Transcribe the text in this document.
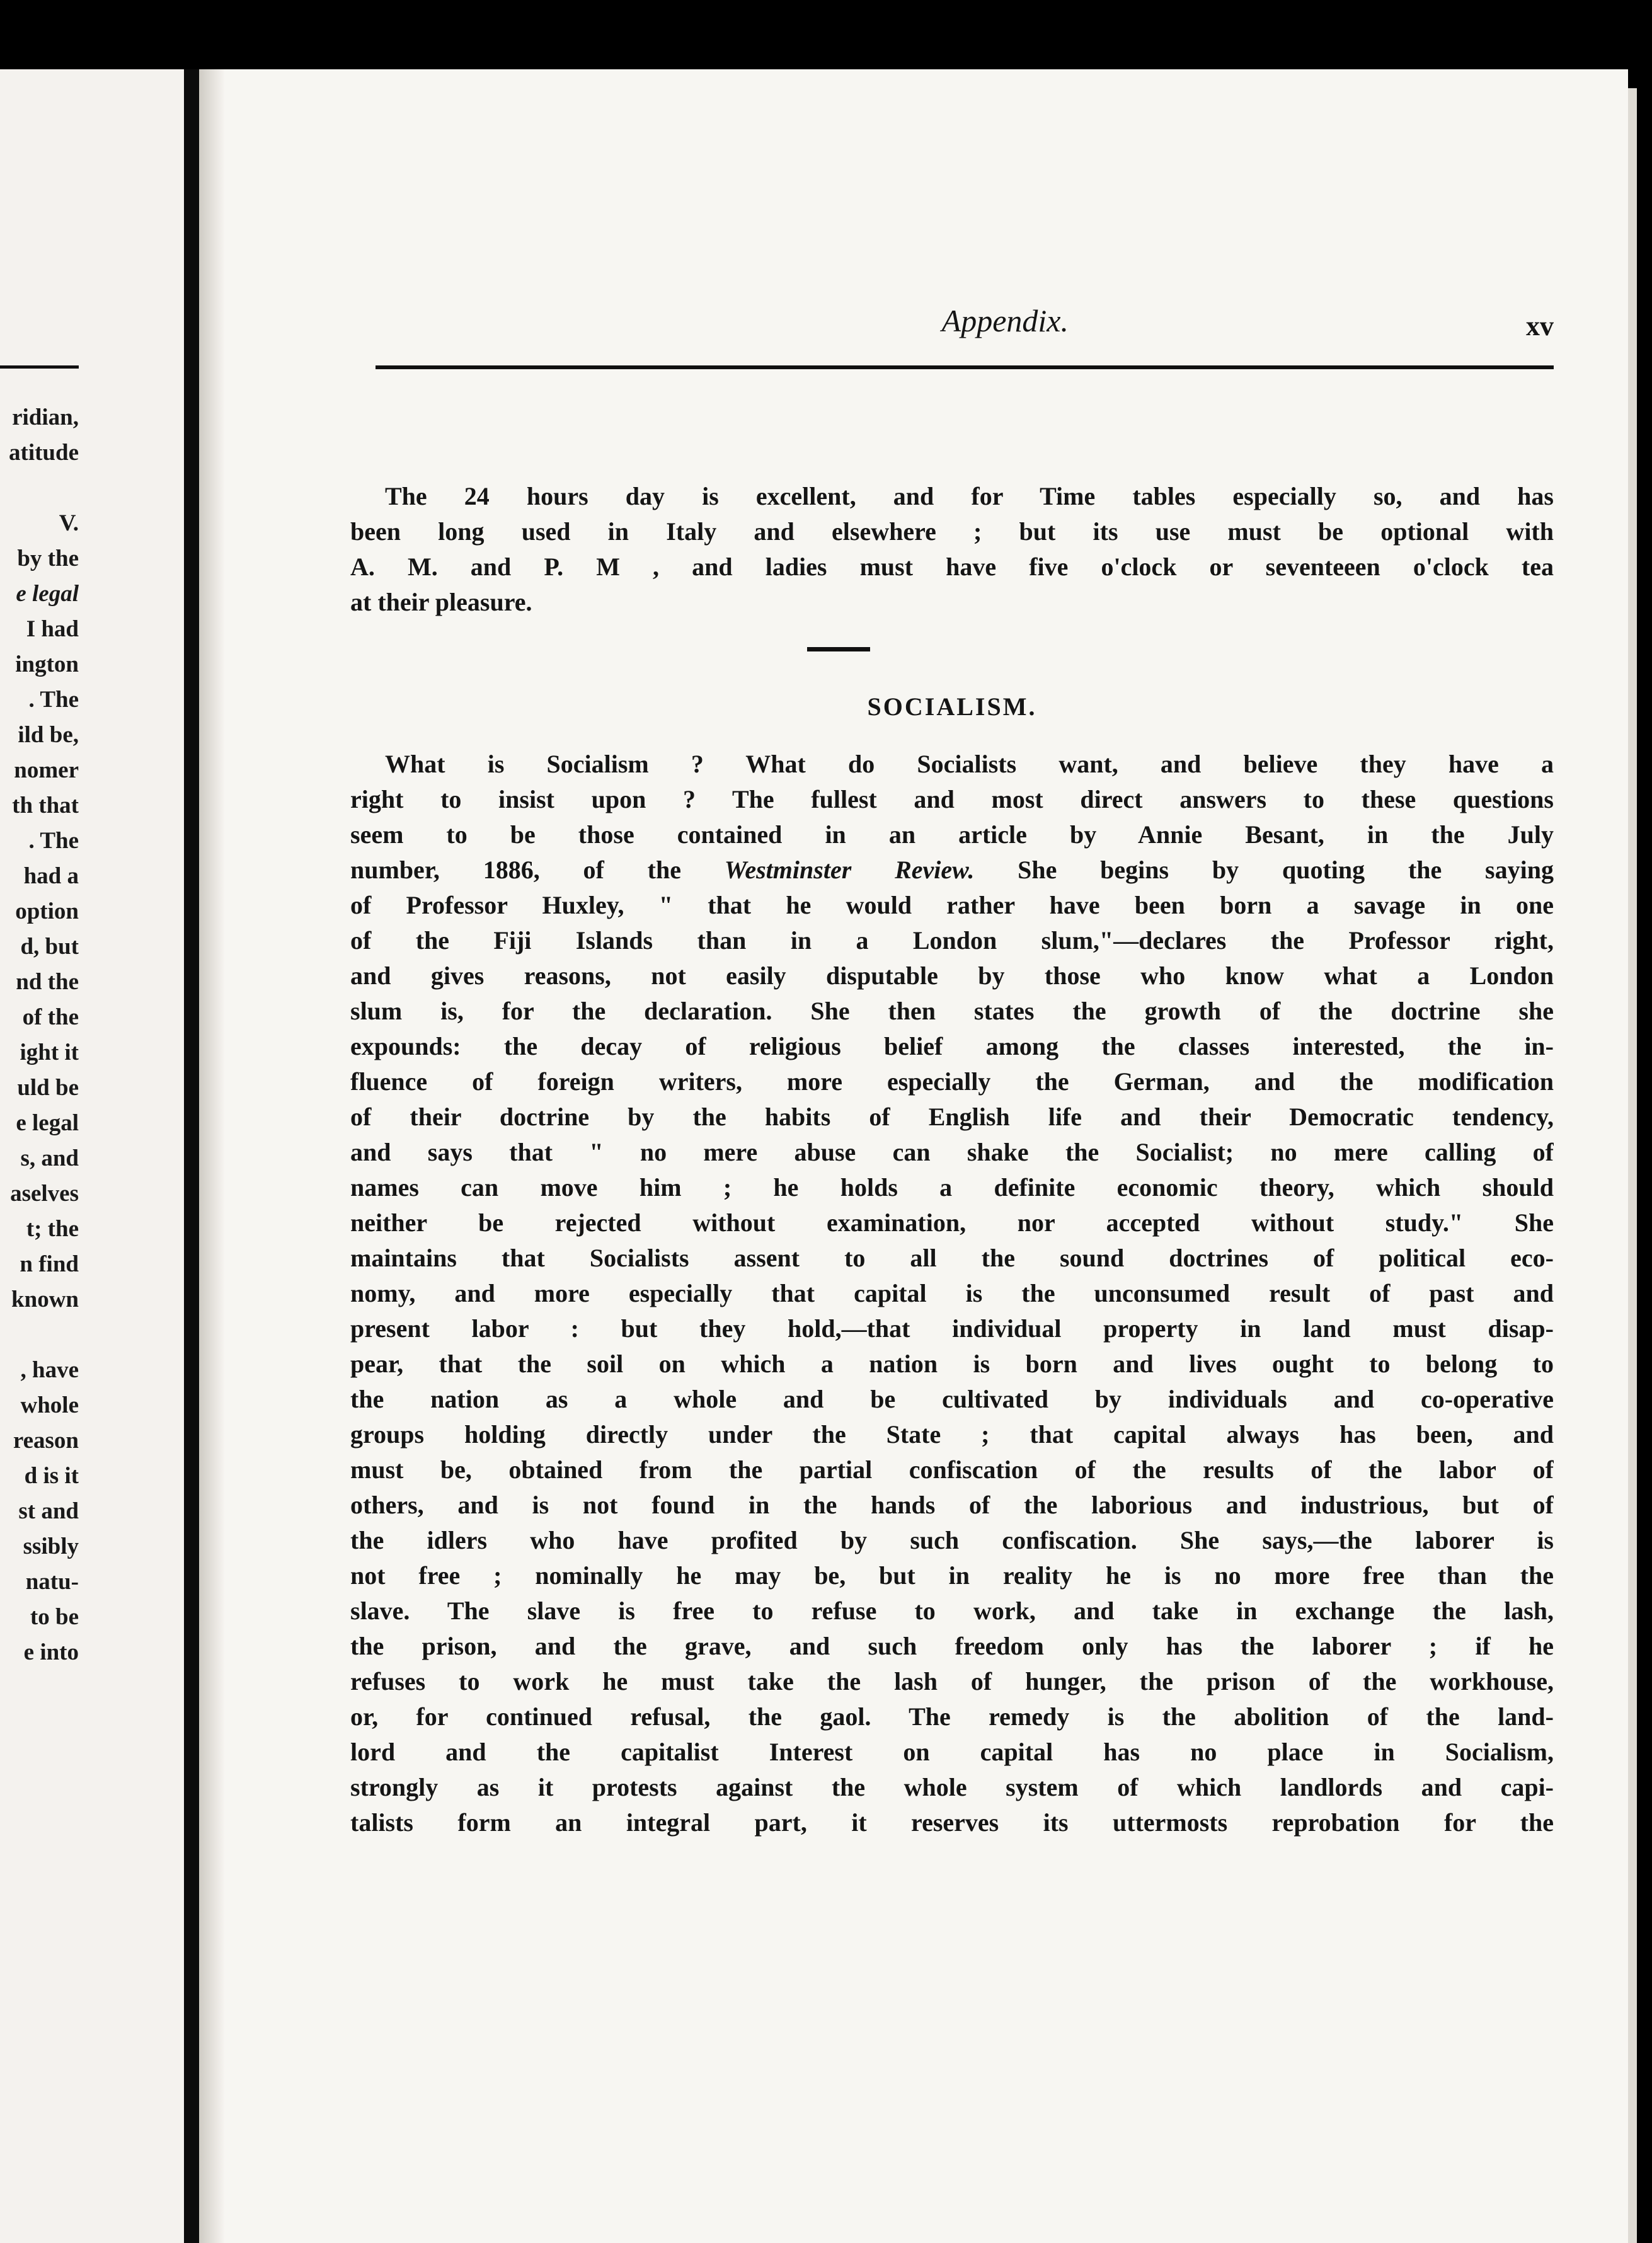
ridian,
atitude
V.
by the
e legal
I had
ington
. The
ild be,
nomer
th that
. The
had a
option
d, but
nd the
of the
ight it
uld be
e legal
s, and
aselves
t; the
n find
known
, have
whole
reason
d is it
st and
ssibly
natu-
to be
e into
Appendix.	xv
The 24 hours day is excellent, and for Time tables especially so, and has
been long used in Italy and elsewhere ; but its use must be optional with
A. M. and P. M , and ladies must have five o'clock or seventeeen o'clock tea
at their pleasure.
SOCIALISM.
What is Socialism ? What do Socialists want, and believe they have a
right to insist upon ? The fullest and most direct answers to these questions
seem to be those contained in an article by Annie Besant, in the July
number, 1886, of the Westminster Review. She begins by quoting the saying
of Professor Huxley, " that he would rather have been born a savage in one
of the Fiji Islands than in a London slum,"—declares the Professor right,
and gives reasons, not easily disputable by those who know what a London
slum is, for the declaration. She then states the growth of the doctrine she
expounds: the decay of religious belief among the classes interested, the in-
fluence of foreign writers, more especially the German, and the modification
of their doctrine by the habits of English life and their Democratic tendency,
and says that " no mere abuse can shake the Socialist; no mere calling of
names can move him ; he holds a definite economic theory, which should
neither be rejected without examination, nor accepted without study." She
maintains that Socialists assent to all the sound doctrines of political eco-
nomy, and more especially that capital is the unconsumed result of past and
present labor : but they hold,—that individual property in land must disap-
pear, that the soil on which a nation is born and lives ought to belong to
the nation as a whole and be cultivated by individuals and co-operative
groups holding directly under the State ; that capital always has been, and
must be, obtained from the partial confiscation of the results of the labor of
others, and is not found in the hands of the laborious and industrious, but of
the idlers who have profited by such confiscation. She says,—the laborer is
not free ; nominally he may be, but in reality he is no more free than the
slave. The slave is free to refuse to work, and take in exchange the lash,
the prison, and the grave, and such freedom only has the laborer ; if he
refuses to work he must take the lash of hunger, the prison of the workhouse,
or, for continued refusal, the gaol. The remedy is the abolition of the land-
lord and the capitalist Interest on capital has no place in Socialism,
strongly as it protests against the whole system of which landlords and capi-
talists form an integral part, it reserves its uttermosts reprobation for the
